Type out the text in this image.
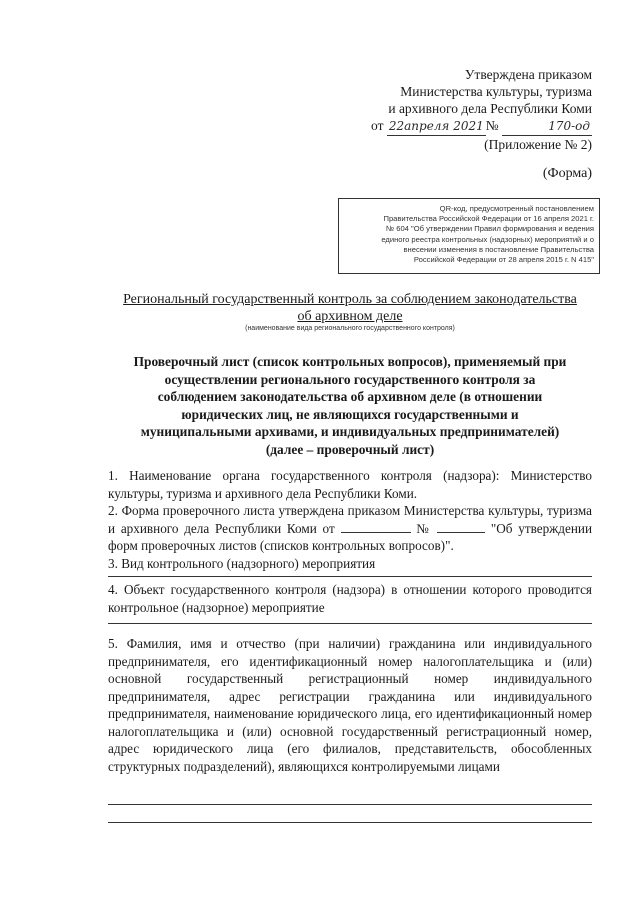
Утверждена приказом
Министерства культуры, туризма
и архивного дела Республики Коми
от 22апреля 2021 №	170-од
(Приложение № 2)
(Форма)
QR-код, предусмотренный постановлением
Правительства Российской Федерации от 16 апреля 2021 г.
№ 604 "Об утверждении Правил формирования и ведения
единого реестра контрольных (надзорных) мероприятий и о
внесении изменения в постановление Правительства
Российской Федерации от 28 апреля 2015 г. N 415"
Региональный государственный контроль за соблюдением законодательства
об архивном деле
(наименование вида регионального государственного контроля)
Проверочный лист (список контрольных вопросов), применяемый при
осуществлении регионального государственного контроля за
соблюдением законодательства об архивном деле (в отношении
юридических лиц, не являющихся государственными и
муниципальными архивами, и индивидуальных предпринимателей)
(далее – проверочный лист)
1. Наименование органа государственного контроля (надзора): Министерство культуры, туризма и архивного дела Республики Коми.
2. Форма проверочного листа утверждена приказом Министерства культуры, туризма и архивного дела Республики Коми от	№	"Об утверждении форм проверочных листов (списков контрольных вопросов)".
3. Вид контрольного (надзорного) мероприятия
4. Объект государственного контроля (надзора) в отношении которого проводится контрольное (надзорное) мероприятие
5. Фамилия, имя и отчество (при наличии) гражданина или индивидуального предпринимателя, его идентификационный номер налогоплательщика и (или) основной государственный регистрационный номер индивидуального предпринимателя, адрес регистрации гражданина или индивидуального предпринимателя, наименование юридического лица, его идентификационный номер налогоплательщика и (или) основной государственный регистрационный номер, адрес юридического лица (его филиалов, представительств, обособленных структурных подразделений), являющихся контролируемыми лицами
